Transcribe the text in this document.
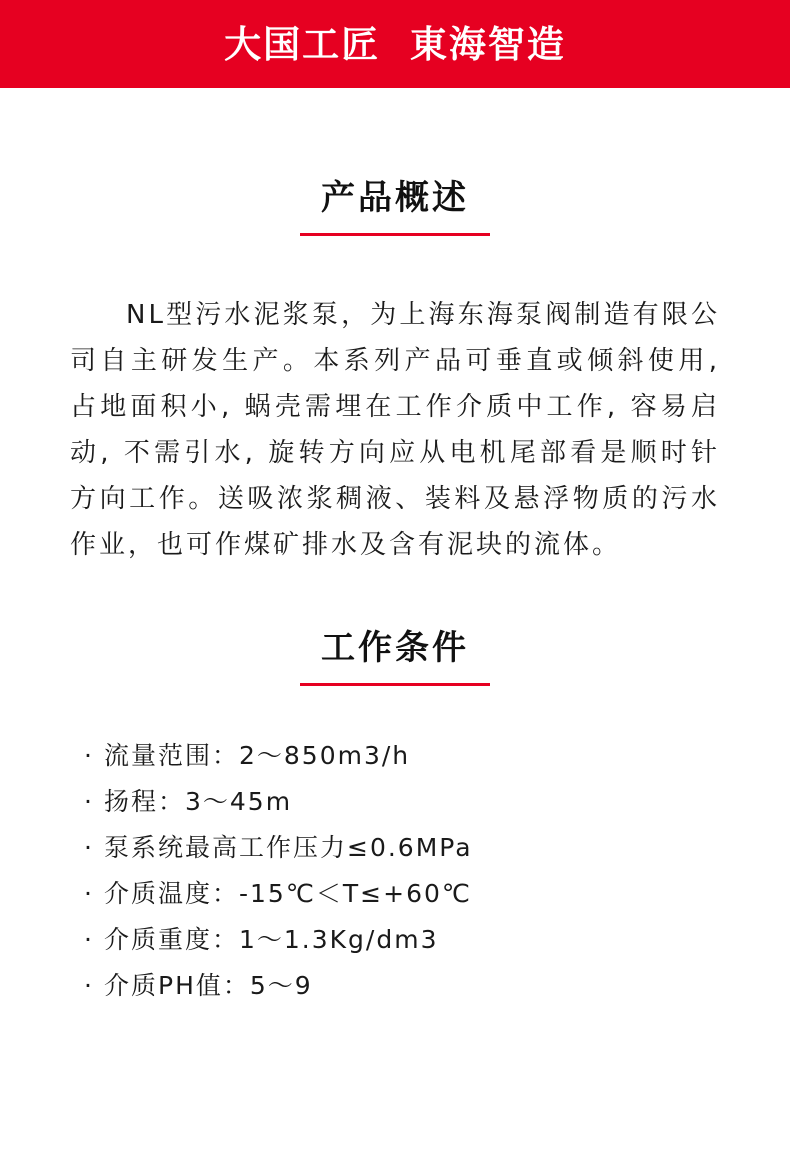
大国工匠  東海智造
产品概述

NL型污水泥浆泵，为上海东海泵阀制造有限公司自主研发生产。本系列产品可垂直或倾斜使用, 占地面积小, 蜗壳需埋在工作介质中工作, 容易启动, 不需引水, 旋转方向应从电机尾部看是顺时针方向工作。送吸浓浆稠液、装料及悬浮物质的污水作业，也可作煤矿排水及含有泥块的流体。

工作条件
· 流量范围：2～850m3/h
· 扬程：3～45m
· 泵系统最高工作压力≤0.6MPa
· 介质温度：-15℃＜T≤+60℃
· 介质重度：1～1.3Kg/dm3
· 介质PH值：5～9
